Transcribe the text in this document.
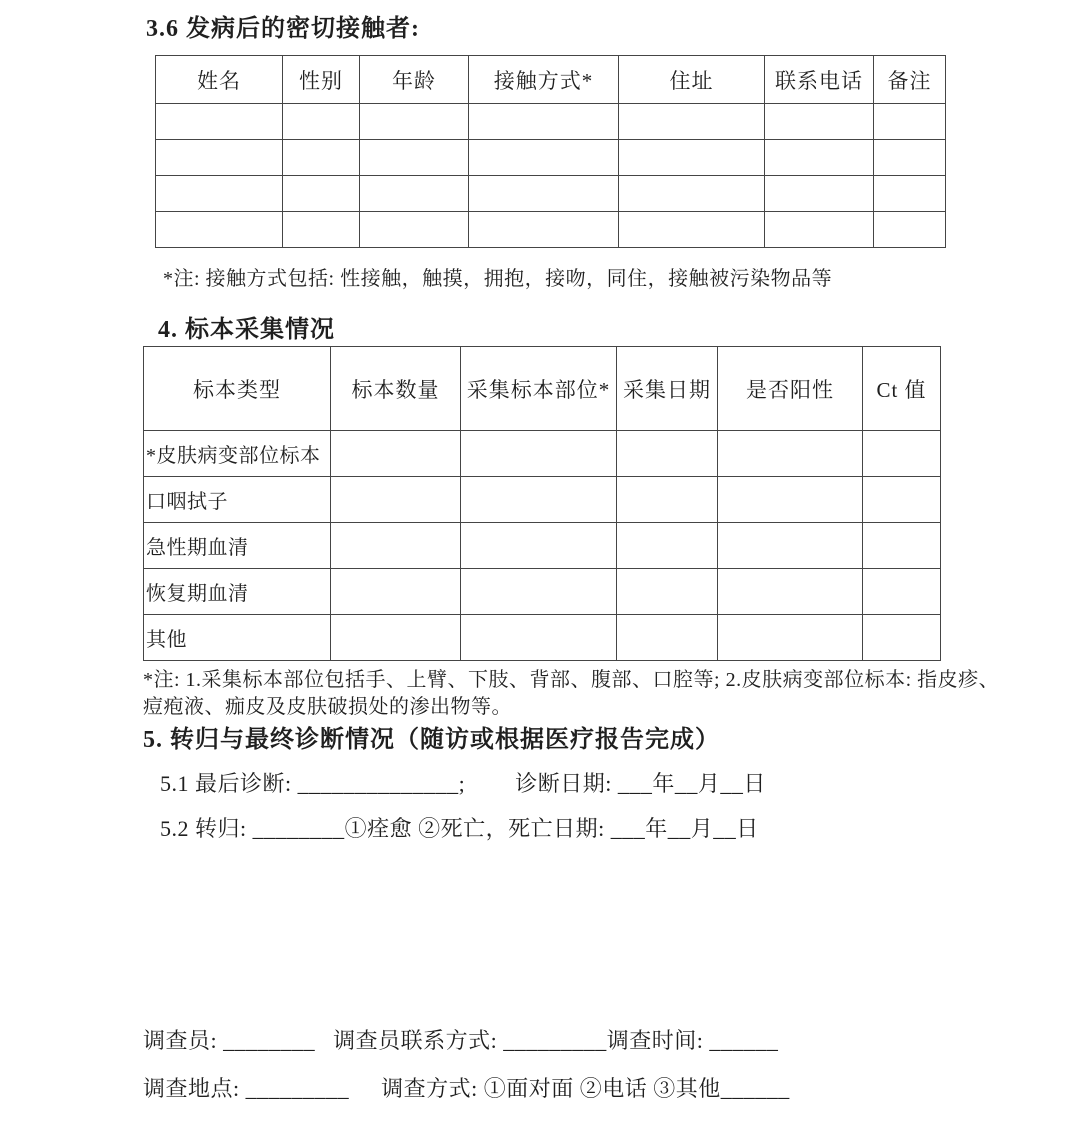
3.6 发病后的密切接触者:
姓名	性别	年龄	接触方式*	住址	联系电话	备注

*注: 接触方式包括: 性接触，触摸，拥抱，接吻，同住，接触被污染物品等
4. 标本采集情况
标本类型	标本数量	采集标本部位*	采集日期	是否阳性	Ct 值
*皮肤病变部位标本					
口咽拭子					
急性期血清					
恢复期血清					
其他					
*注: 1.采集标本部位包括手、上臂、下肢、背部、腹部、口腔等; 2.皮肤病变部位标本: 指皮疹、
痘疱液、痂皮及皮肤破损处的渗出物等。
5. 转归与最终诊断情况（随访或根据医疗报告完成）
5.1 最后诊断: ______________; 诊断日期: ___年__月__日
5.2 转归: ________①痊愈 ②死亡，死亡日期: ___年__月__日
调查员: ________ 调查员联系方式: _________调查时间: ______
调查地点: _________ 调查方式: ①面对面 ②电话 ③其他______
